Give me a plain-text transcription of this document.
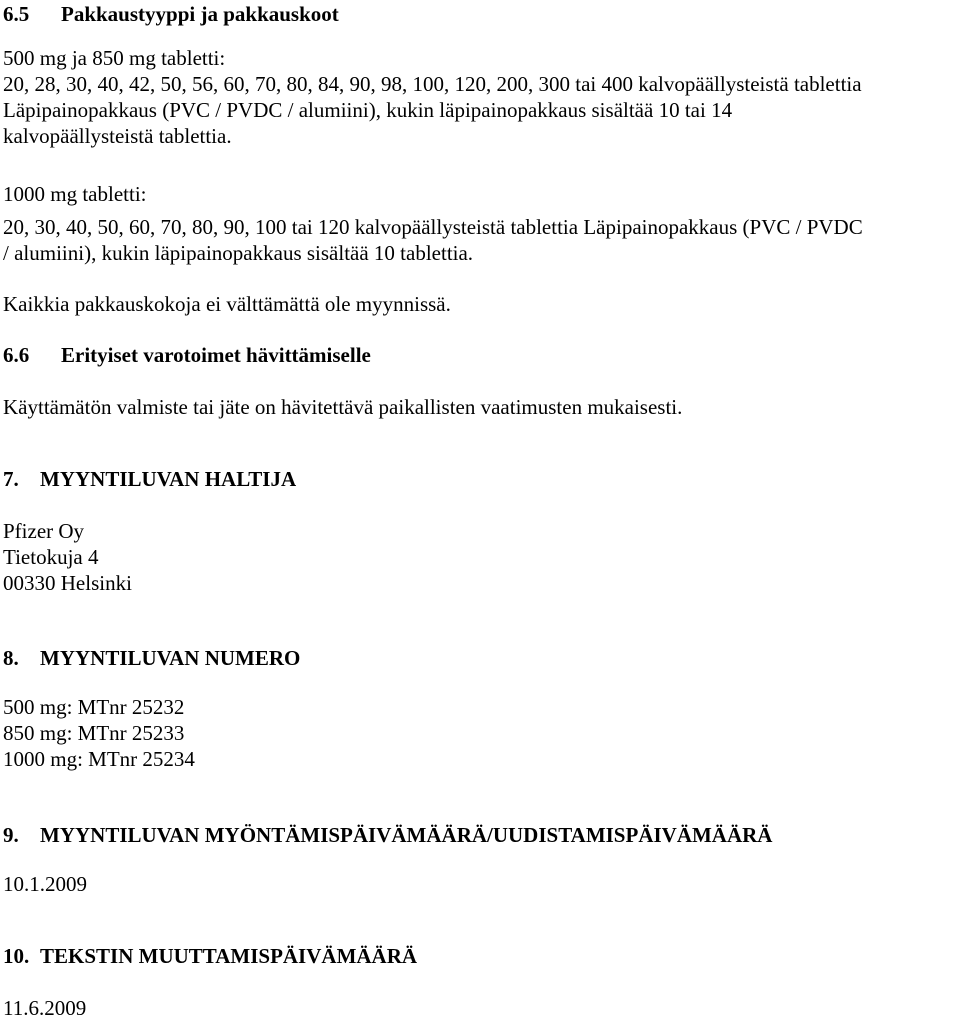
6.5 Pakkaustyyppi ja pakkauskoot
500 mg ja 850 mg tabletti:
20, 28, 30, 40, 42, 50, 56, 60, 70, 80, 84, 90, 98, 100, 120, 200, 300 tai 400 kalvopäällysteistä tablettia
Läpipainopakkaus (PVC / PVDC / alumiini), kukin läpipainopakkaus sisältää 10 tai 14
kalvopäällysteistä tablettia.
1000 mg tabletti:
20, 30, 40, 50, 60, 70, 80, 90, 100 tai 120 kalvopäällysteistä tablettia Läpipainopakkaus (PVC / PVDC
/ alumiini), kukin läpipainopakkaus sisältää 10 tablettia.
Kaikkia pakkauskokoja ei välttämättä ole myynnissä.
6.6 Erityiset varotoimet hävittämiselle
Käyttämätön valmiste tai jäte on hävitettävä paikallisten vaatimusten mukaisesti.
7. MYYNTILUVAN HALTIJA
Pfizer Oy
Tietokuja 4
00330 Helsinki
8. MYYNTILUVAN NUMERO
500 mg: MTnr 25232
850 mg: MTnr 25233
1000 mg: MTnr 25234
9. MYYNTILUVAN MYÖNTÄMISPÄIVÄMÄÄRÄ/UUDISTAMISPÄIVÄMÄÄRÄ
10.1.2009
10. TEKSTIN MUUTTAMISPÄIVÄMÄÄRÄ
11.6.2009
